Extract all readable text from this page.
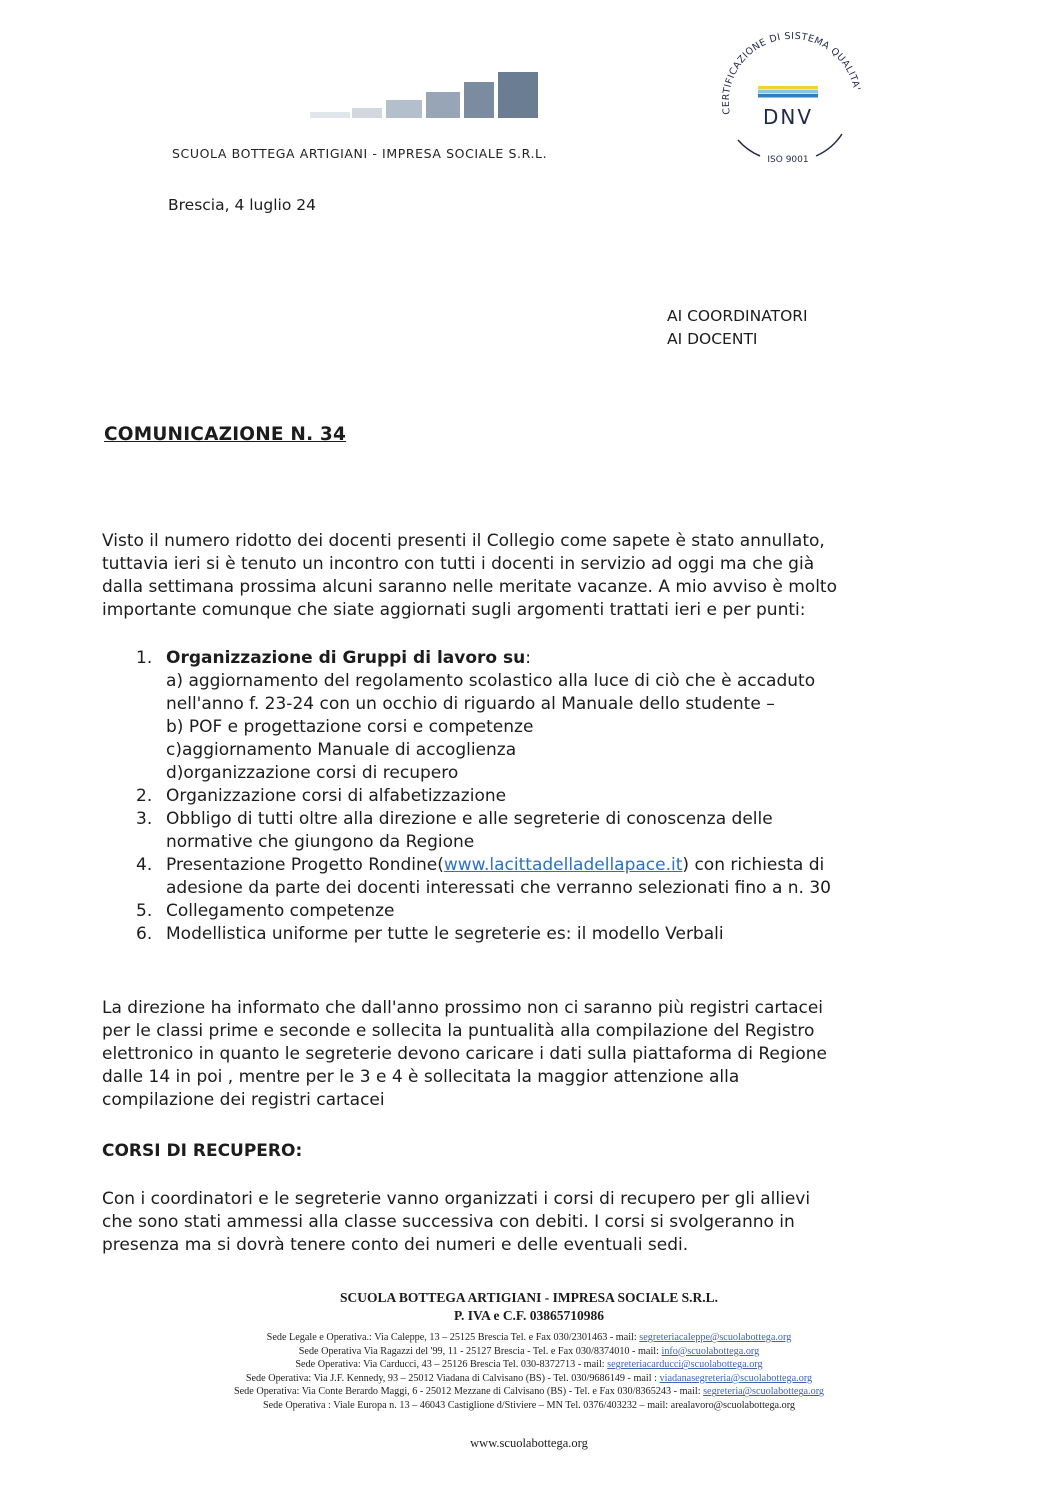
SCUOLA BOTTEGA ARTIGIANI - IMPRESA SOCIALE S.R.L.
CERTIFICAZIONE DI SISTEMA QUALITA'
DNV
ISO 9001
Brescia, 4 luglio 24
AI COORDINATORI
AI DOCENTI
COMUNICAZIONE N. 34
Visto il numero ridotto dei docenti presenti il Collegio come sapete è stato annullato,
tuttavia ieri si è tenuto un incontro con tutti i docenti in servizio ad oggi ma che già
dalla settimana prossima alcuni saranno nelle meritate vacanze. A mio avviso è molto
importante comunque che siate aggiornati sugli argomenti trattati ieri e per punti:
1. Organizzazione di Gruppi di lavoro su:
a) aggiornamento del regolamento scolastico alla luce di ciò che è accaduto
nell'anno f. 23-24 con un occhio di riguardo al Manuale dello studente –
b) POF e progettazione corsi e competenze
c)aggiornamento Manuale di accoglienza
d)organizzazione corsi di recupero
2. Organizzazione corsi di alfabetizzazione
3. Obbligo di tutti oltre alla direzione e alle segreterie di conoscenza delle
normative che giungono da Regione
4. Presentazione Progetto Rondine(www.lacittadelladellapace.it) con richiesta di
adesione da parte dei docenti interessati che verranno selezionati fino a n. 30
5. Collegamento competenze
6. Modellistica uniforme per tutte le segreterie es: il modello Verbali
La direzione ha informato che dall'anno prossimo non ci saranno più registri cartacei
per le classi prime e seconde e sollecita la puntualità alla compilazione del Registro
elettronico in quanto le segreterie devono caricare i dati sulla piattaforma di Regione
dalle 14 in poi , mentre per le 3 e 4 è sollecitata la maggior attenzione alla
compilazione dei registri cartacei
CORSI DI RECUPERO:
Con i coordinatori e le segreterie vanno organizzati i corsi di recupero per gli allievi
che sono stati ammessi alla classe successiva con debiti. I corsi si svolgeranno in
presenza ma si dovrà tenere conto dei numeri e delle eventuali sedi.
SCUOLA BOTTEGA ARTIGIANI - IMPRESA SOCIALE S.R.L.
P. IVA e C.F. 03865710986
Sede Legale e Operativa.: Via Caleppe, 13 – 25125 Brescia Tel. e Fax 030/2301463 - mail: segreteriacaleppe@scuolabottega.org
Sede Operativa Via Ragazzi del '99, 11 - 25127 Brescia - Tel. e Fax 030/8374010 - mail: info@scuolabottega.org
Sede Operativa: Via Carducci, 43 – 25126 Brescia Tel. 030-8372713 - mail: segreteriacarducci@scuolabottega.org
Sede Operativa: Via J.F. Kennedy, 93 – 25012 Viadana di Calvisano (BS) - Tel. 030/9686149 - mail : viadanasegreteria@scuolabottega.org
Sede Operativa: Via Conte Berardo Maggi, 6 - 25012 Mezzane di Calvisano (BS) - Tel. e Fax 030/8365243 - mail: segreteria@scuolabottega.org
Sede Operativa : Viale Europa n. 13 – 46043 Castiglione d/Stiviere – MN Tel. 0376/403232 – mail: arealavoro@scuolabottega.org
www.scuolabottega.org
